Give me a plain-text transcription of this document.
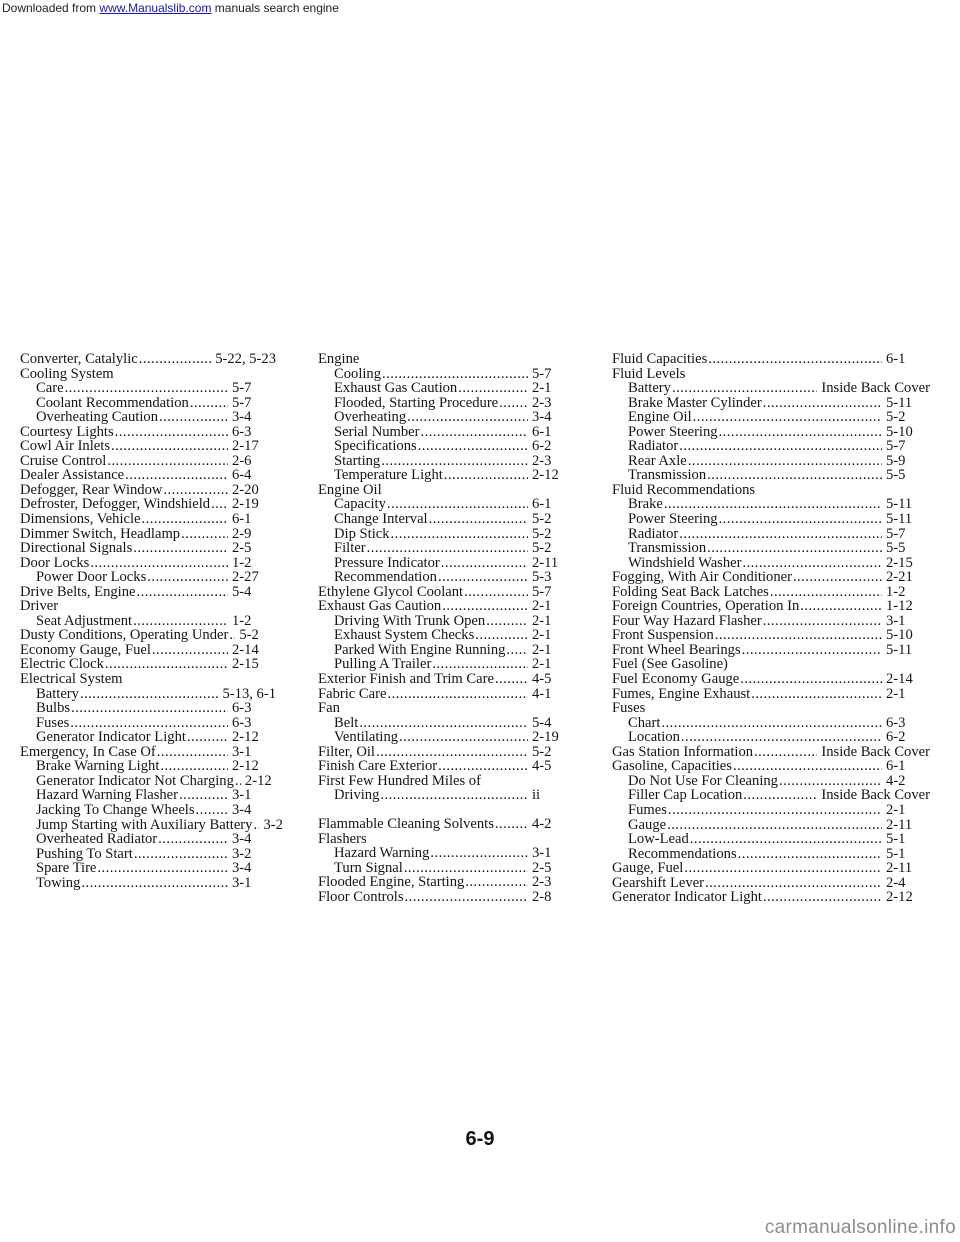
Downloaded from www.Manualslib.com manuals search engine
Converter, Catalylic . . .	5-22, 5-23
Cooling System
Care . . .	5-7
Coolant Recommendation . . .	5-7
Overheating Caution . . .	3-4
Courtesy Lights . . .	6-3
Cowl Air Inlets . . .	2-17
Cruise Control . . .	2-6
Dealer Assistance . . .	6-4
Defogger, Rear Window . . .	2-20
Defroster, Defogger, Windshield . . . 2-19
Dimensions, Vehicle . . .	6-1
Dimmer Switch, Headlamp . . .	2-9
Directional Signals . . .	2-5
Door Locks . . .	1-2
Power Door Locks . . .	2-27
Drive Belts, Engine . . .	5-4
Driver
Seat Adjustment . . .	1-2
Dusty Conditions, Operating Under . . . 5-2
Economy Gauge, Fuel . . .	2-14
Electric Clock . . .	2-15
Electrical System
Battery . . .	5-13, 6-1
Bulbs . . .	6-3
Fuses . . .	6-3
Generator Indicator Light . . .	2-12
Emergency, In Case Of . . .	3-1
Brake Warning Light . . .	2-12
Generator Indicator Not Charging . . . 2-12
Hazard Warning Flasher . . .	3-1
Jacking To Change Wheels . . .	3-4
Jump Starting with Auxiliary Battery . . . 3-2
Overheated Radiator . . .	3-4
Pushing To Start . . .	3-2
Spare Tire . . .	3-4
Towing . . .	3-1
Engine
Cooling . . .	5-7
Exhaust Gas Caution . . .	2-1
Flooded, Starting Procedure . . . 2-3
Overheating . . .	3-4
Serial Number . . .	6-1
Specifications . . .	6-2
Starting . . .	2-3
Temperature Light . . .	2-12
Engine Oil
Capacity . . .	6-1
Change Interval . . .	5-2
Dip Stick . . .	5-2
Filter . . .	5-2
Pressure Indicator . . .	2-11
Recommendation . . .	5-3
Ethylene Glycol Coolant . . .	5-7
Exhaust Gas Caution . . .	2-1
Driving With Trunk Open . . .	2-1
Exhaust System Checks . . .	2-1
Parked With Engine Running . . . 2-1
Pulling A Trailer . . .	2-1
Exterior Finish and Trim Care . . .	4-5
Fabric Care . . .	4-1
Fan
Belt . . .	5-4
Ventilating . . .	2-19
Filter, Oil . . .	5-2
Finish Care Exterior . . .	4-5
First Few Hundred Miles of
Driving . . .	ii
Flammable Cleaning Solvents . . .	4-2
Flashers
Hazard Warning . . .	3-1
Turn Signal . . .	2-5
Flooded Engine, Starting . . .	2-3
Floor Controls . . .	2-8
Fluid Capacities . . .	6-1
Fluid Levels
Battery . . .	Inside Back Cover
Brake Master Cylinder . . .	5-11
Engine Oil . . .	5-2
Power Steering . . .	5-10
Radiator . . .	5-7
Rear Axle . . .	5-9
Transmission . . .	5-5
Fluid Recommendations
Brake . . .	5-11
Power Steering . . .	5-11
Radiator . . .	5-7
Transmission . . .	5-5
Windshield Washer . . .	2-15
Fogging, With Air Conditioner . . .	2-21
Folding Seat Back Latches . . .	1-2
Foreign Countries, Operation In . . .	1-12
Four Way Hazard Flasher . . .	3-1
Front Suspension . . .	5-10
Front Wheel Bearings . . .	5-11
Fuel (See Gasoline)
Fuel Economy Gauge . . .	2-14
Fumes, Engine Exhaust . . .	2-1
Fuses
Chart . . .	6-3
Location . . .	6-2
Gas Station Information . . .	Inside Back Cover
Gasoline, Capacities . . .	6-1
Do Not Use For Cleaning . . .	4-2
Filler Cap Location . . .	Inside Back Cover
Fumes . . .	2-1
Gauge . . .	2-11
Low-Lead . . .	5-1
Recommendations . . .	5-1
Gauge, Fuel . . .	2-11
Gearshift Lever . . .	2-4
Generator Indicator Light . . .	2-12
6-9
carmanualsonline.info
